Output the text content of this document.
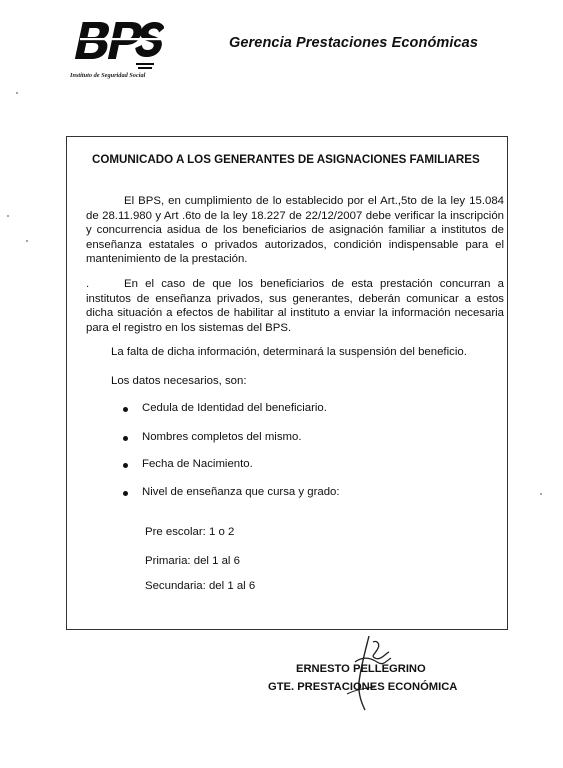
Instituto de Seguridad Social
Gerencia Prestaciones Económicas
COMUNICADO A LOS GENERANTES DE ASIGNACIONES FAMILIARES
El BPS, en cumplimiento de lo establecido por el Art.,5to de la ley 15.084 de 28.11.980 y Art .6to de la ley 18.227 de 22/12/2007 debe verificar la inscripción y concurrencia asidua de los beneficiarios de asignación familiar a institutos de enseñanza estatales o privados autorizados, condición indispensable para el mantenimiento de la prestación.
.	En el caso de que los beneficiarios de esta prestación concurran a institutos de enseñanza privados, sus generantes, deberán comunicar a estos dicha situación a efectos de habilitar al instituto a enviar la información necesaria para el registro en los sistemas del BPS.
La falta de dicha información, determinará la suspensión del beneficio.
Los datos necesarios, son:
Cedula de Identidad del beneficiario.
Nombres completos del mismo.
Fecha de Nacimiento.
Nivel de enseñanza que cursa y grado:
Pre escolar: 1 o 2
Primaria: del 1 al 6
Secundaria: del 1 al 6
ERNESTO PELLEGRINO
GTE. PRESTACIONES ECONÓMICA
